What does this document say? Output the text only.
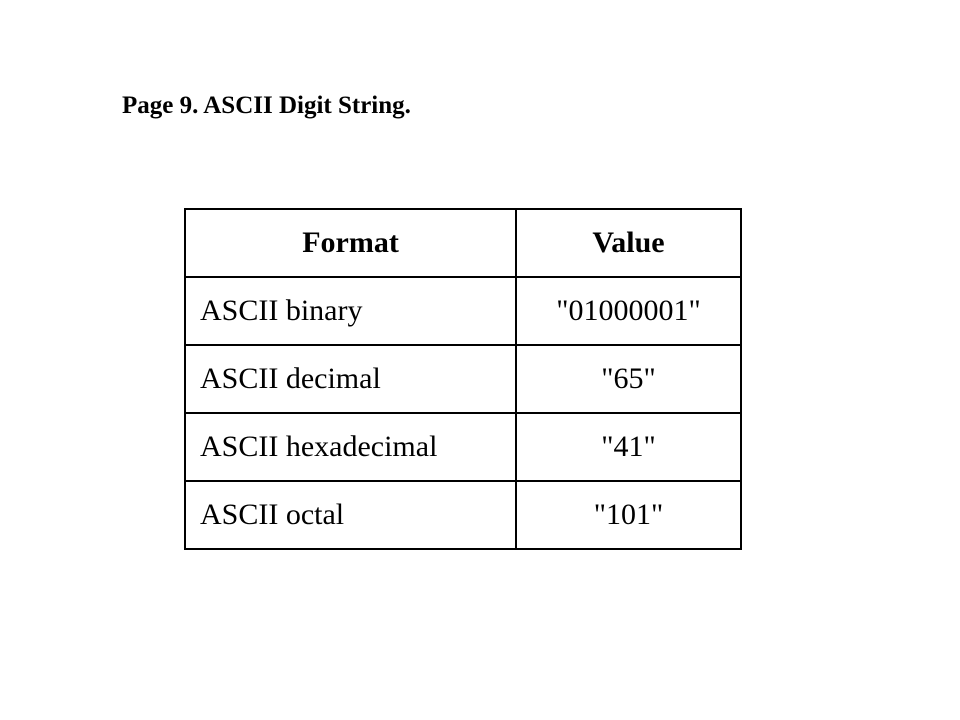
Page 9. ASCII Digit String.
Format	Value
ASCII binary	"01000001"
ASCII decimal	"65"
ASCII hexadecimal	"41"
ASCII octal	"101"
